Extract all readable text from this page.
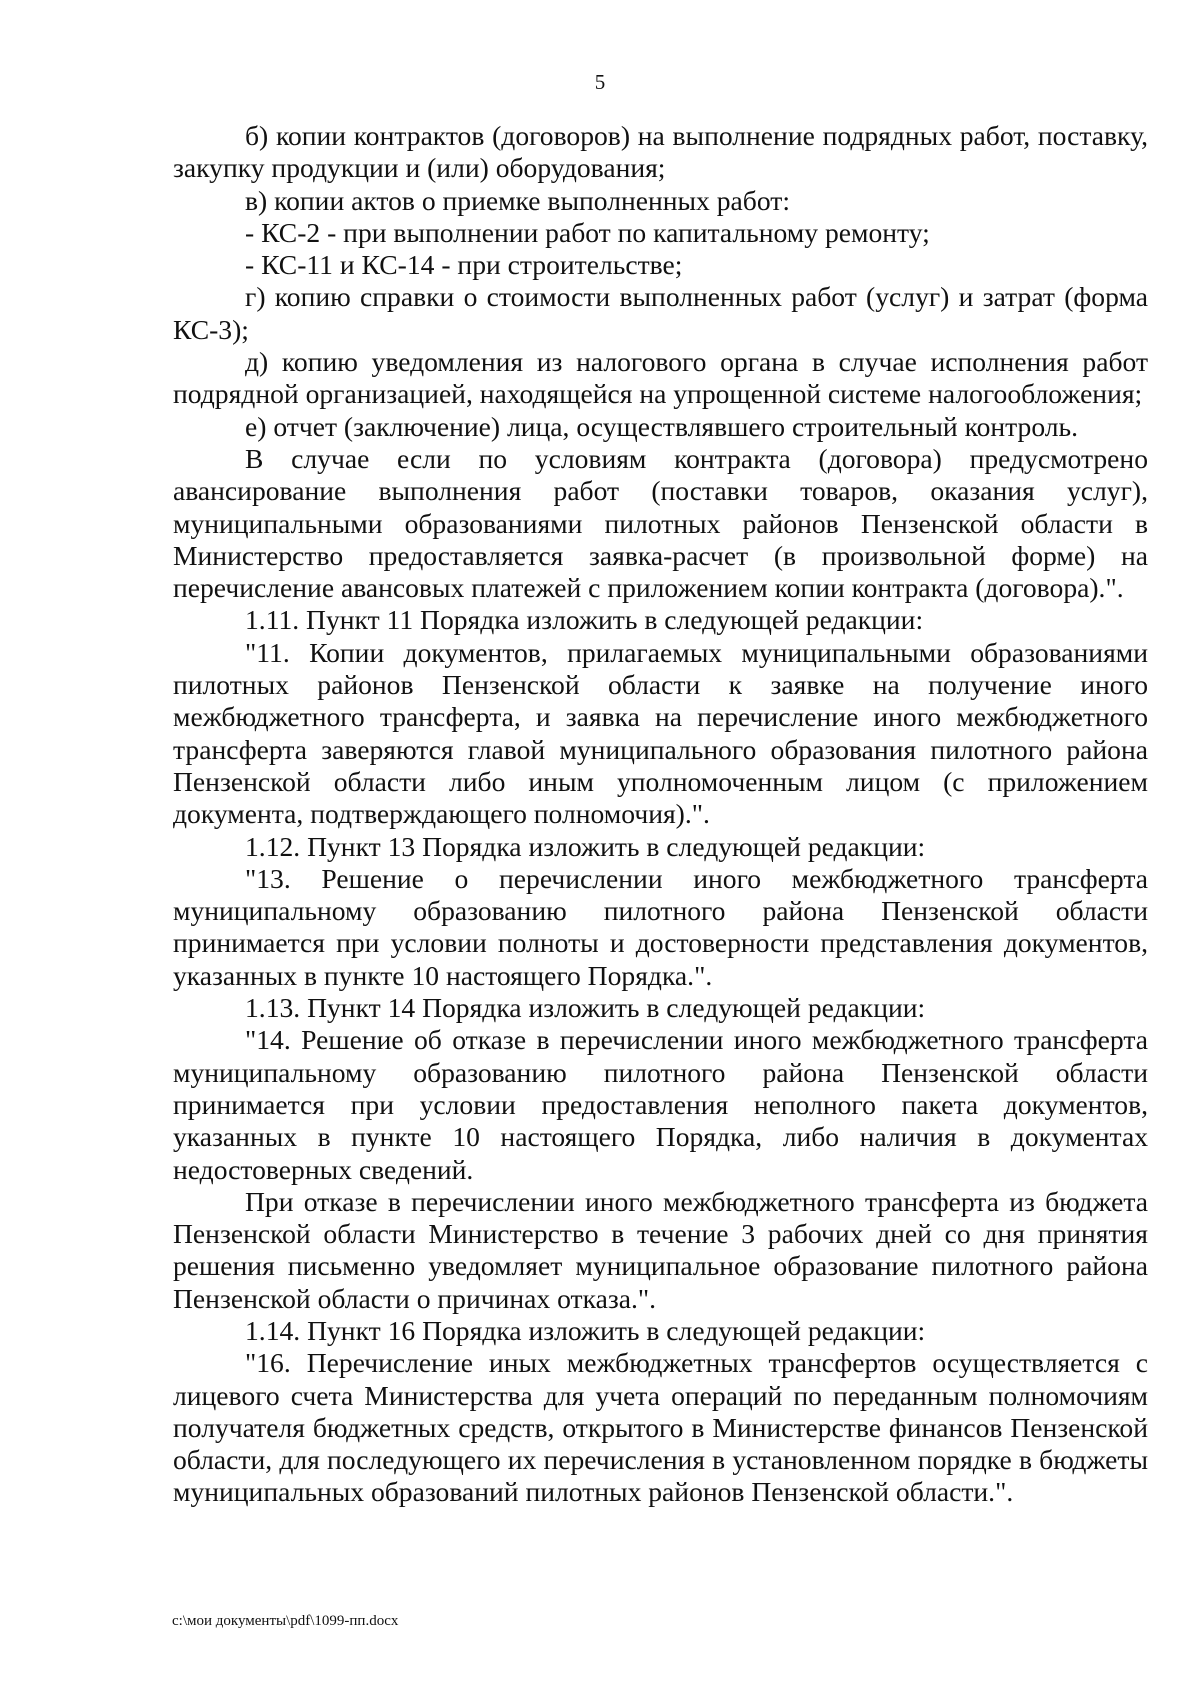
5

б) копии контрактов (договоров) на выполнение подрядных работ, поставку, закупку продукции и (или) оборудования;

в) копии актов о приемке выполненных работ:

- КС-2 - при выполнении работ по капитальному ремонту;

- КС-11 и КС-14 - при строительстве;

г) копию справки о стоимости выполненных работ (услуг) и затрат (форма КС-3);

д) копию уведомления из налогового органа в случае исполнения работ подрядной организацией, находящейся на упрощенной системе налогообложения;

е) отчет (заключение) лица, осуществлявшего строительный контроль.

В случае если по условиям контракта (договора) предусмотрено авансирование выполнения работ (поставки товаров, оказания услуг), муниципальными образованиями пилотных районов Пензенской области в Министерство предоставляется заявка-расчет (в произвольной форме) на перечисление авансовых платежей с приложением копии контракта (договора).".

1.11. Пункт 11 Порядка изложить в следующей редакции:

"11. Копии документов, прилагаемых муниципальными образованиями пилотных районов Пензенской области к заявке на получение иного межбюджетного трансферта, и заявка на перечисление иного межбюджетного трансферта заверяются главой муниципального образования пилотного района Пензенской области либо иным уполномоченным лицом (с приложением документа, подтверждающего полномочия).".

1.12. Пункт 13 Порядка изложить в следующей редакции:

"13. Решение о перечислении иного межбюджетного трансферта муниципальному образованию пилотного района Пензенской области принимается при условии полноты и достоверности представления документов, указанных в пункте 10 настоящего Порядка.".

1.13. Пункт 14 Порядка изложить в следующей редакции:

"14. Решение об отказе в перечислении иного межбюджетного трансферта муниципальному образованию пилотного района Пензенской области принимается при условии предоставления неполного пакета документов, указанных в пункте 10 настоящего Порядка, либо наличия в документах недостоверных сведений.

При отказе в перечислении иного межбюджетного трансферта из бюджета Пензенской области Министерство в течение 3 рабочих дней со дня принятия решения письменно уведомляет муниципальное образование пилотного района Пензенской области о причинах отказа.".

1.14. Пункт 16 Порядка изложить в следующей редакции:

"16. Перечисление иных межбюджетных трансфертов осуществляется с лицевого счета Министерства для учета операций по переданным полномочиям получателя бюджетных средств, открытого в Министерстве финансов Пензенской области, для последующего их перечисления в установленном порядке в бюджеты муниципальных образований пилотных районов Пензенской области.".

c:\мои документы\pdf\1099-пп.docx
